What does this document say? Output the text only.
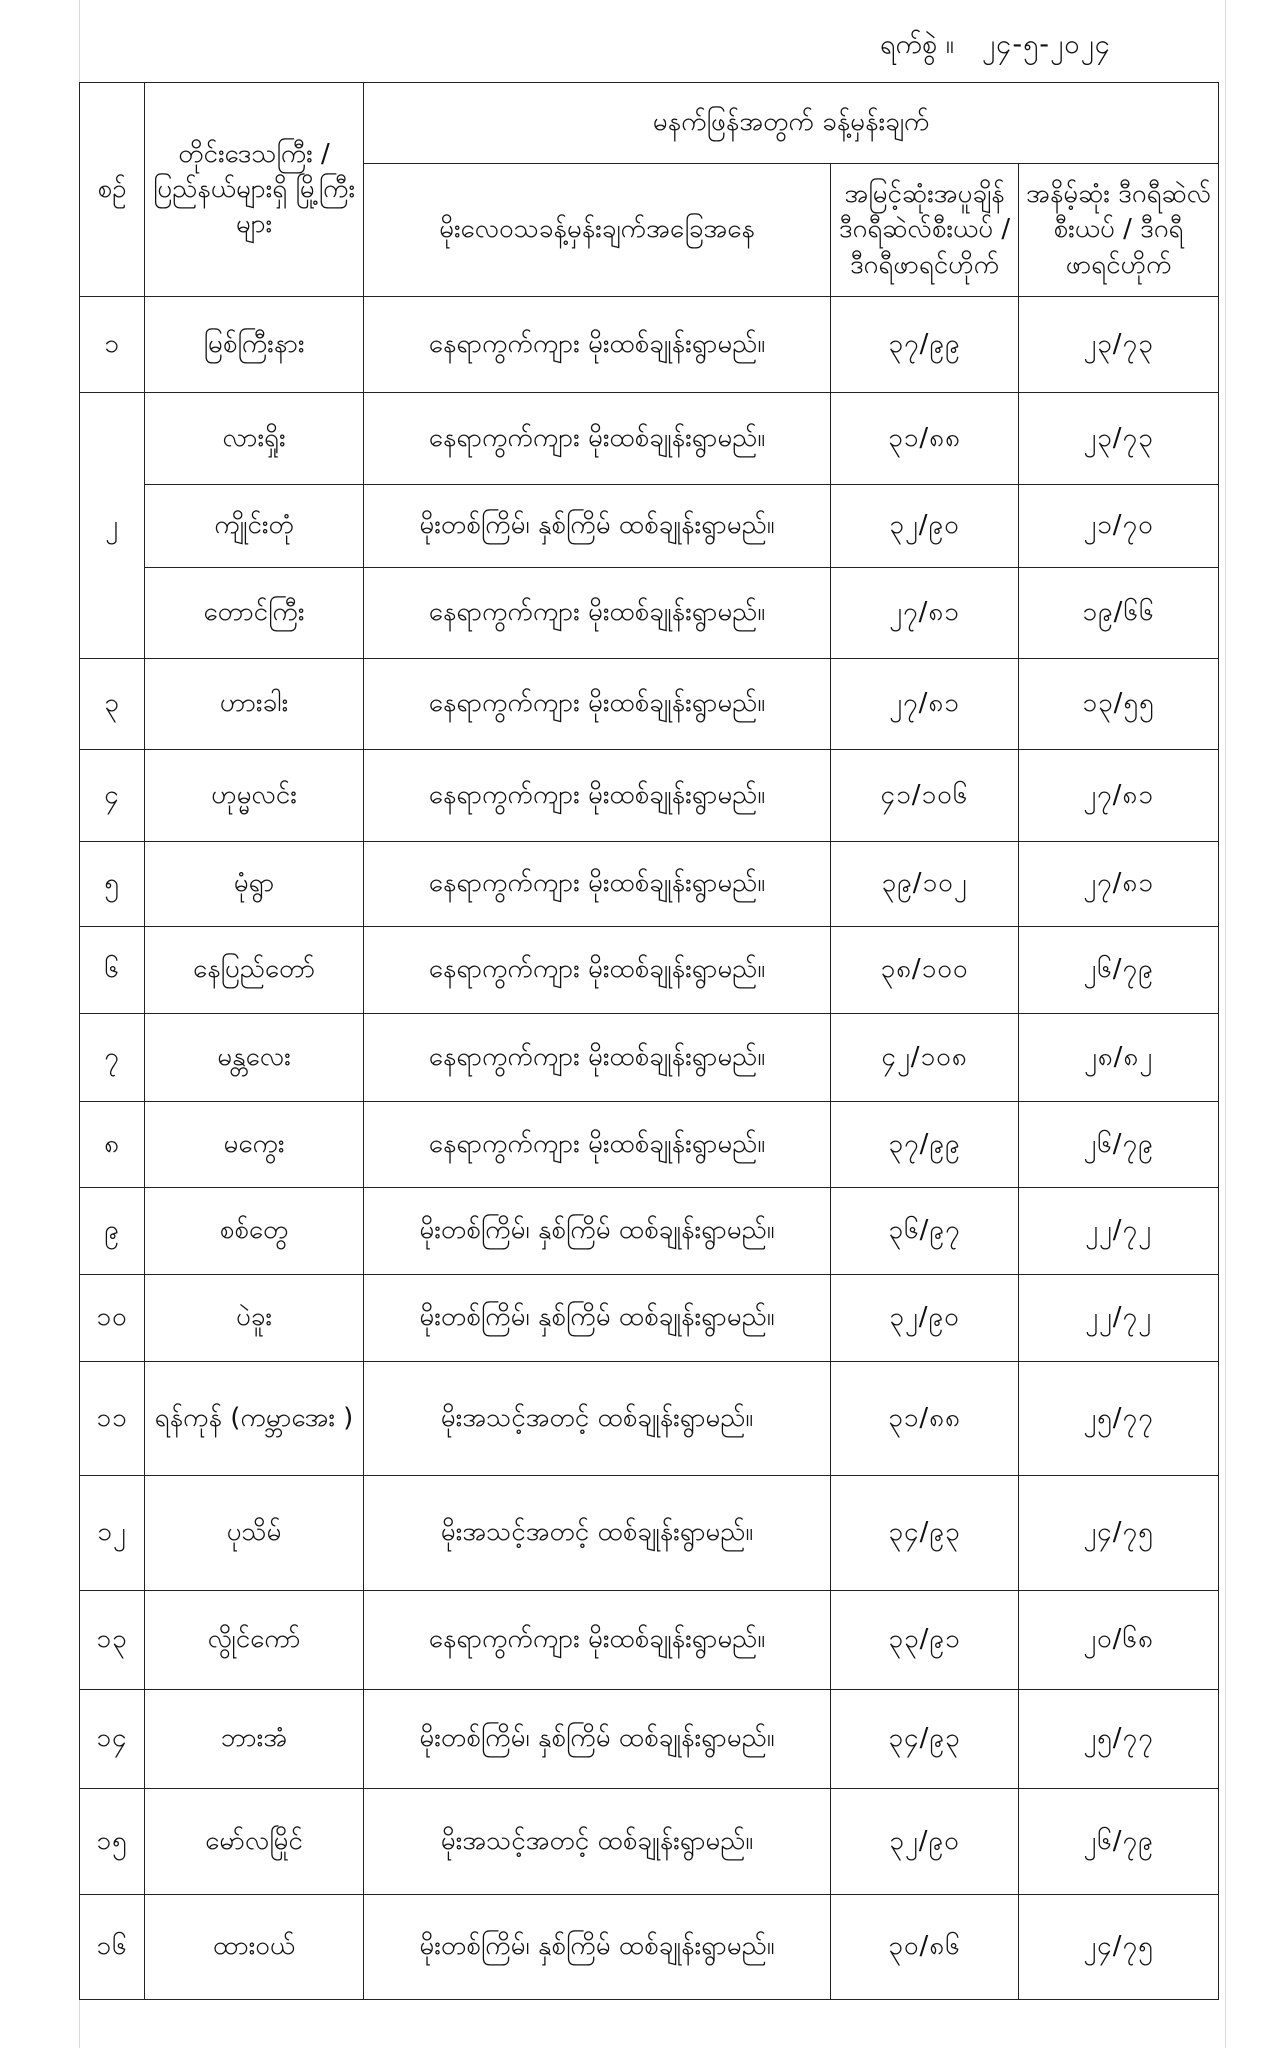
ရက်စွဲ ။ ၂၄-၅-၂၀၂၄
စဉ်	တိုင်းဒေသကြီး / ပြည်နယ်များရှိ မြို့ကြီးများ	မနက်ဖြန်အတွက် ခန့်မှန်းချက်		
		မိုးလေဝသခန့်မှန်းချက်အခြေအနေ	အမြင့်ဆုံးအပူချိန် ဒီဂရီဆဲလ်စီးယပ် /ဒီဂရီဖာရင်ဟိုက်	အနိမ့်ဆုံး ဒီဂရီဆဲလ်စီးယပ် / ဒီဂရီဖာရင်ဟိုက်
၁	မြစ်ကြီးနား	နေရာကွက်ကျား မိုးထစ်ချုန်းရွာမည်။	၃၇/၉၉	၂၃/၇၃
၂	လားရှိုး	နေရာကွက်ကျား မိုးထစ်ချုန်းရွာမည်။	၃၁/၈၈	၂၃/၇၃
	ကျိုင်းတုံ	မိုးတစ်ကြိမ်၊ နှစ်ကြိမ် ထစ်ချုန်းရွာမည်။	၃၂/၉၀	၂၁/၇၀
	တောင်ကြီး	နေရာကွက်ကျား မိုးထစ်ချုန်းရွာမည်။	၂၇/၈၁	၁၉/၆၆
၃	ဟားခါး	နေရာကွက်ကျား မိုးထစ်ချုန်းရွာမည်။	၂၇/၈၁	၁၃/၅၅
၄	ဟုမ္မလင်း	နေရာကွက်ကျား မိုးထစ်ချုန်းရွာမည်။	၄၁/၁၀၆	၂၇/၈၁
၅	မုံရွာ	နေရာကွက်ကျား မိုးထစ်ချုန်းရွာမည်။	၃၉/၁၀၂	၂၇/၈၁
၆	နေပြည်တော်	နေရာကွက်ကျား မိုးထစ်ချုန်းရွာမည်။	၃၈/၁၀၀	၂၆/၇၉
၇	မန္တလေး	နေရာကွက်ကျား မိုးထစ်ချုန်းရွာမည်။	၄၂/၁၀၈	၂၈/၈၂
၈	မကွေး	နေရာကွက်ကျား မိုးထစ်ချုန်းရွာမည်။	၃၇/၉၉	၂၆/၇၉
၉	စစ်တွေ	မိုးတစ်ကြိမ်၊ နှစ်ကြိမ် ထစ်ချုန်းရွာမည်။	၃၆/၉၇	၂၂/၇၂
၁၀	ပဲခူး	မိုးတစ်ကြိမ်၊ နှစ်ကြိမ် ထစ်ချုန်းရွာမည်။	၃၂/၉၀	၂၂/၇၂
၁၁	ရန်ကုန် (ကမ္ဘာအေး )	မိုးအသင့်အတင့် ထစ်ချုန်းရွာမည်။	၃၁/၈၈	၂၅/၇၇
၁၂	ပုသိမ်	မိုးအသင့်အတင့် ထစ်ချုန်းရွာမည်။	၃၄/၉၃	၂၄/၇၅
၁၃	လွိုင်ကော်	နေရာကွက်ကျား မိုးထစ်ချုန်းရွာမည်။	၃၃/၉၁	၂၀/၆၈
၁၄	ဘားအံ	မိုးတစ်ကြိမ်၊ နှစ်ကြိမ် ထစ်ချုန်းရွာမည်။	၃၄/၉၃	၂၅/၇၇
၁၅	မော်လမြိုင်	မိုးအသင့်အတင့် ထစ်ချုန်းရွာမည်။	၃၂/၉၀	၂၆/၇၉
၁၆	ထားဝယ်	မိုးတစ်ကြိမ်၊ နှစ်ကြိမ် ထစ်ချုန်းရွာမည်။	၃၀/၈၆	၂၄/၇၅
